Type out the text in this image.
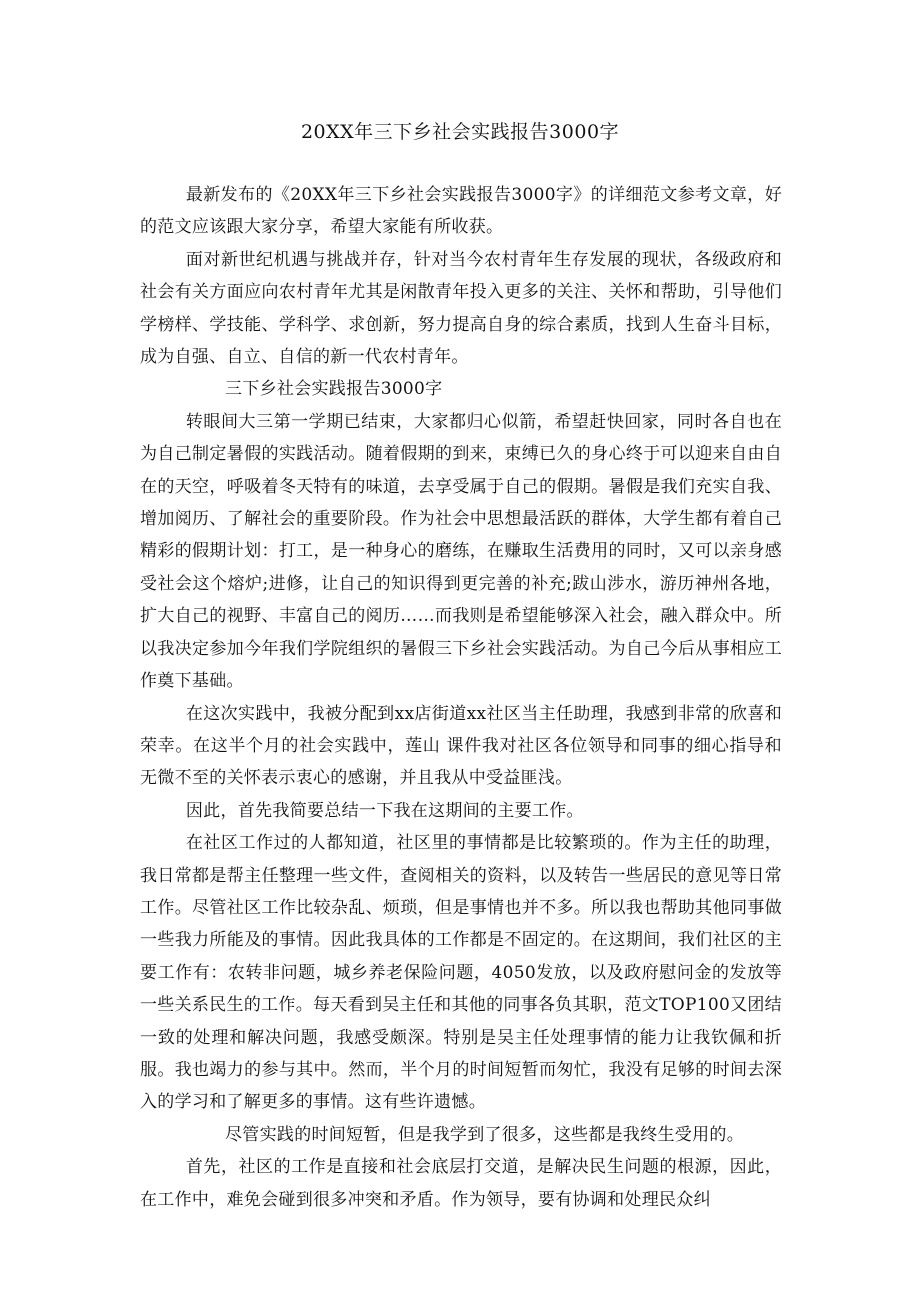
20XX年三下乡社会实践报告3000字

最新发布的《20XX年三下乡社会实践报告3000字》的详细范文参考文章，好的范文应该跟大家分享，希望大家能有所收获。

面对新世纪机遇与挑战并存，针对当今农村青年生存发展的现状，各级政府和社会有关方面应向农村青年尤其是闲散青年投入更多的关注、关怀和帮助，引导他们学榜样、学技能、学科学、求创新，努力提高自身的综合素质，找到人生奋斗目标，成为自强、自立、自信的新一代农村青年。

三下乡社会实践报告3000字

转眼间大三第一学期已结束，大家都归心似箭，希望赶快回家，同时各自也在为自己制定暑假的实践活动。随着假期的到来，束缚已久的身心终于可以迎来自由自在的天空，呼吸着冬天特有的味道，去享受属于自己的假期。暑假是我们充实自我、增加阅历、了解社会的重要阶段。作为社会中思想最活跃的群体，大学生都有着自己精彩的假期计划：打工，是一种身心的磨练，在赚取生活费用的同时，又可以亲身感受社会这个熔炉;进修，让自己的知识得到更完善的补充;跋山涉水，游历神州各地，扩大自己的视野、丰富自己的阅历……而我则是希望能够深入社会，融入群众中。所以我决定参加今年我们学院组织的暑假三下乡社会实践活动。为自己今后从事相应工作奠下基础。

在这次实践中，我被分配到xx店街道xx社区当主任助理，我感到非常的欣喜和荣幸。在这半个月的社会实践中，莲山 课件我对社区各位领导和同事的细心指导和无微不至的关怀表示衷心的感谢，并且我从中受益匪浅。

因此，首先我简要总结一下我在这期间的主要工作。

在社区工作过的人都知道，社区里的事情都是比较繁琐的。作为主任的助理，我日常都是帮主任整理一些文件，查阅相关的资料，以及转告一些居民的意见等日常工作。尽管社区工作比较杂乱、烦琐，但是事情也并不多。所以我也帮助其他同事做一些我力所能及的事情。因此我具体的工作都是不固定的。在这期间，我们社区的主要工作有：农转非问题，城乡养老保险问题，4050发放，以及政府慰问金的发放等一些关系民生的工作。每天看到吴主任和其他的同事各负其职，范文TOP100又团结一致的处理和解决问题，我感受颇深。特别是吴主任处理事情的能力让我钦佩和折服。我也竭力的参与其中。然而，半个月的时间短暂而匆忙，我没有足够的时间去深入的学习和了解更多的事情。这有些许遗憾。

尽管实践的时间短暂，但是我学到了很多，这些都是我终生受用的。

首先，社区的工作是直接和社会底层打交道，是解决民生问题的根源，因此，在工作中，难免会碰到很多冲突和矛盾。作为领导，要有协调和处理民众纠
